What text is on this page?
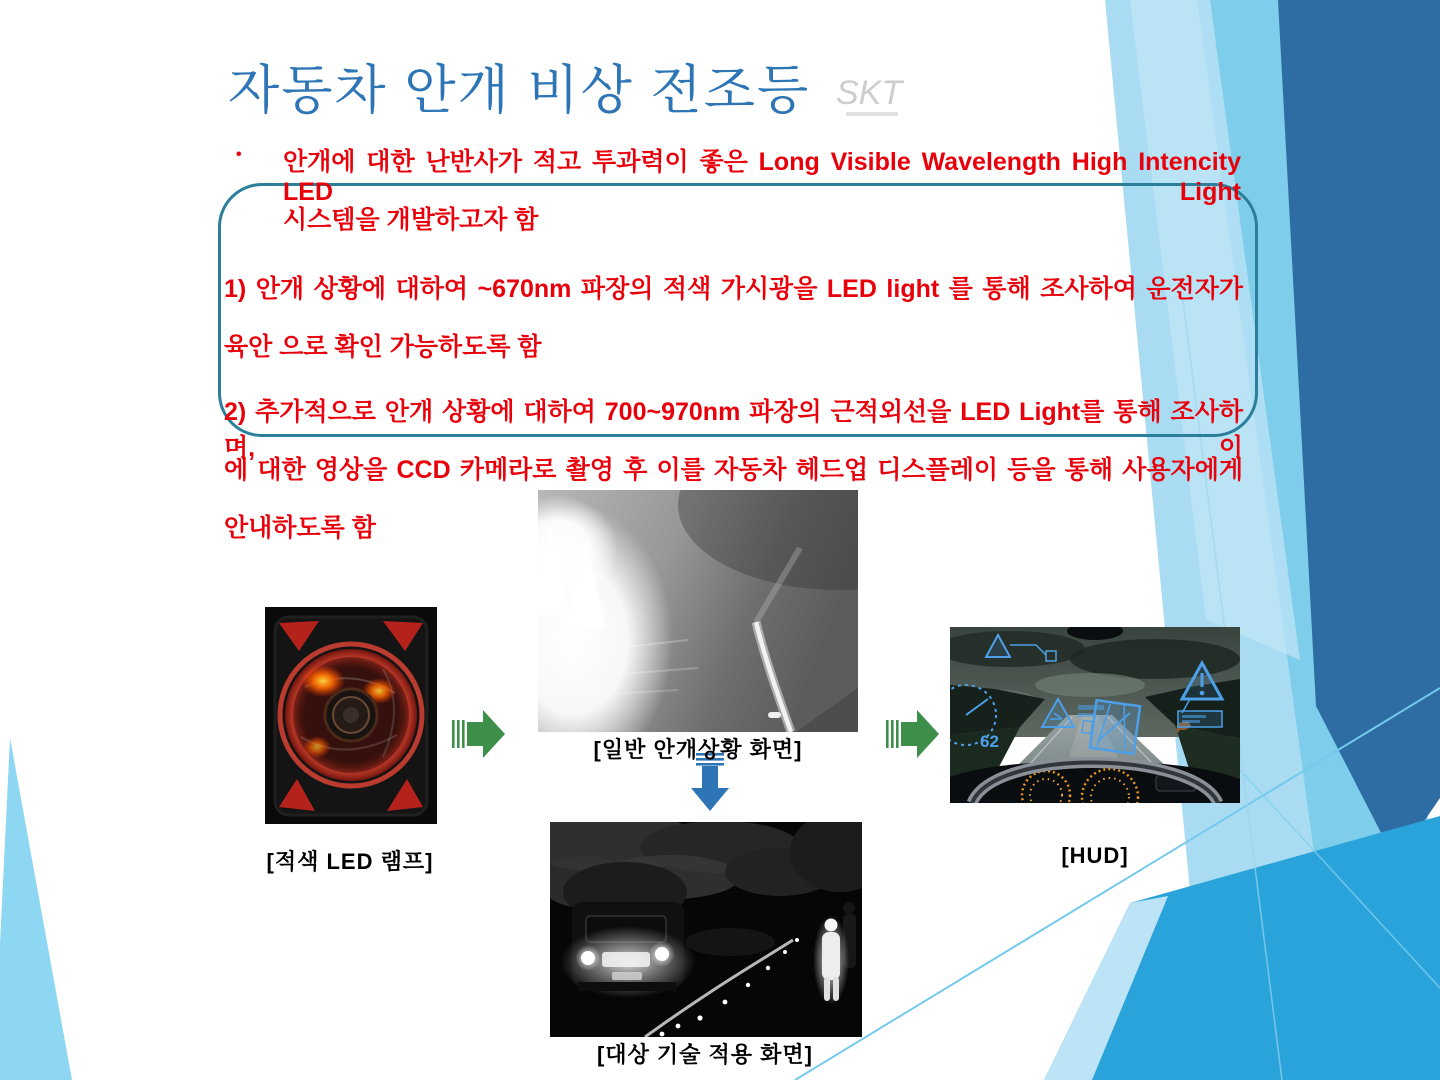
자동차 안개 비상 전조등 SKT
• 안개에 대한 난반사가 적고 투과력이 좋은 Long Visible Wavelength High Intencity LED Light
시스템을 개발하고자 함
1) 안개 상황에 대하여 ~670nm 파장의 적색 가시광을 LED light 를 통해 조사하여 운전자가
육안 으로 확인 가능하도록 함
2) 추가적으로 안개 상황에 대하여 700~970nm 파장의 근적외선을 LED Light를 통해 조사하며, 이
에 대한 영상을 CCD 카메라로 촬영 후 이를 자동차 헤드업 디스플레이 등을 통해 사용자에게
안내하도록 함
62
[일반 안개상황 화면]
[적색 LED 램프]	[HUD]
[대상 기술 적용 화면]
